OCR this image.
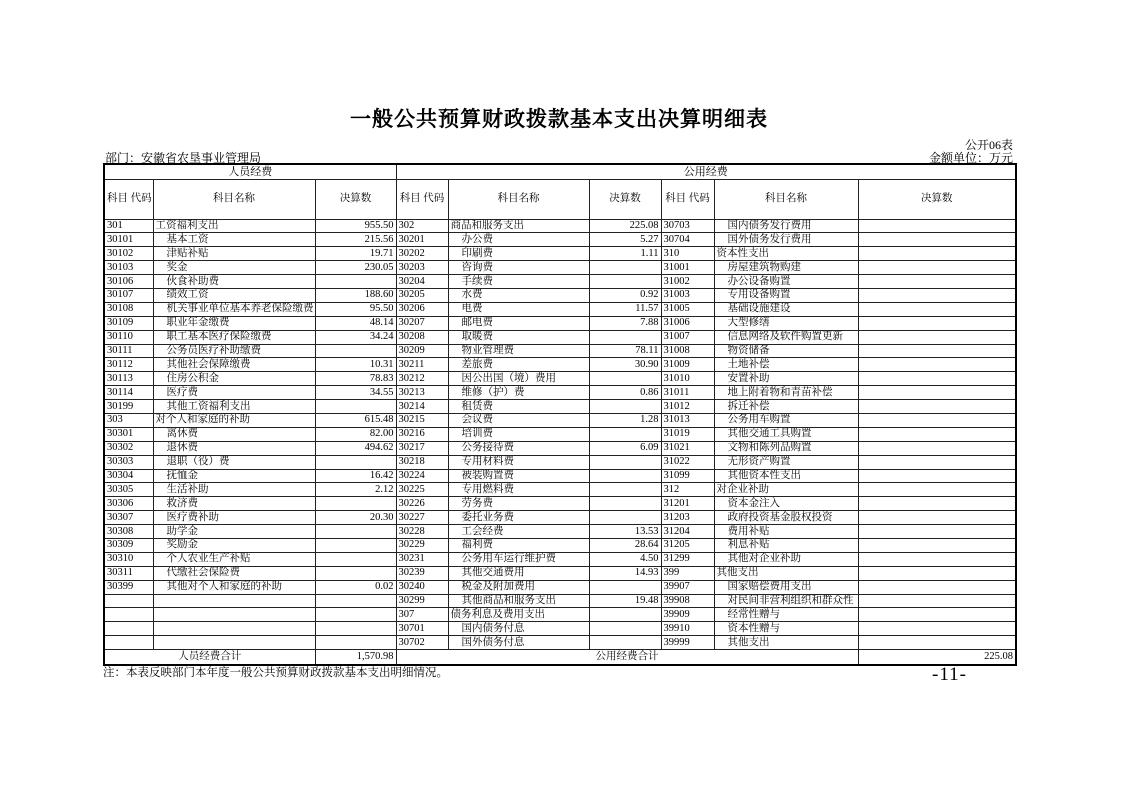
一般公共预算财政拨款基本支出决算明细表
公开06表
部门：安徽省农垦事业管理局	金额单位：万元
人员经费			公用经费					
科目 代码	科目名称	决算数	科目 代码	科目名称	决算数	科目 代码	科目名称	决算数
301	工资福利支出	955.50	302	商品和服务支出	225.08	30703	国内债务发行费用	
30101	基本工资	215.56	30201	办公费	5.27	30704	国外债务发行费用	
30102	津贴补贴	19.71	30202	印刷费	1.11	310	资本性支出	
30103	奖金	230.05	30203	咨询费		31001	房屋建筑物购建	
30106	伙食补助费		30204	手续费		31002	办公设备购置	
30107	绩效工资	188.60	30205	水费	0.92	31003	专用设备购置	
30108	机关事业单位基本养老保险缴费	95.50	30206	电费	11.57	31005	基础设施建设	
30109	职业年金缴费	48.14	30207	邮电费	7.88	31006	大型修缮	
30110	职工基本医疗保险缴费	34.24	30208	取暖费		31007	信息网络及软件购置更新	
30111	公务员医疗补助缴费		30209	物业管理费	78.11	31008	物资储备	
30112	其他社会保障缴费	10.31	30211	差旅费	30.90	31009	土地补偿	
30113	住房公积金	78.83	30212	因公出国（境）费用		31010	安置补助	
30114	医疗费	34.55	30213	维修（护）费	0.86	31011	地上附着物和青苗补偿	
30199	其他工资福利支出		30214	租赁费		31012	拆迁补偿	
303	对个人和家庭的补助	615.48	30215	会议费	1.28	31013	公务用车购置	
30301	离休费	82.00	30216	培训费		31019	其他交通工具购置	
30302	退休费	494.62	30217	公务接待费	6.09	31021	文物和陈列品购置	
30303	退职（役）费		30218	专用材料费		31022	无形资产购置	
30304	抚恤金	16.42	30224	被装购置费		31099	其他资本性支出	
30305	生活补助	2.12	30225	专用燃料费		312	对企业补助	
30306	救济费		30226	劳务费		31201	资本金注入	
30307	医疗费补助	20.30	30227	委托业务费		31203	政府投资基金股权投资	
30308	助学金		30228	工会经费	13.53	31204	费用补贴	
30309	奖励金		30229	福利费	28.64	31205	利息补贴	
30310	个人农业生产补贴		30231	公务用车运行维护费	4.50	31299	其他对企业补助	
30311	代缴社会保险费		30239	其他交通费用	14.93	399	其他支出	
30399	其他对个人和家庭的补助	0.02	30240	税金及附加费用		39907	国家赔偿费用支出	
			30299	其他商品和服务支出	19.48	39908	对民间非营利组织和群众性	
			307	债务利息及费用支出		39909	经常性赠与	
			30701	国内债务付息		39910	资本性赠与	
			30702	国外债务付息		39999	其他支出	
人员经费合计		1,570.98	公用经费合计					225.08
注：本表反映部门本年度一般公共预算财政拨款基本支出明细情况。	-11-
